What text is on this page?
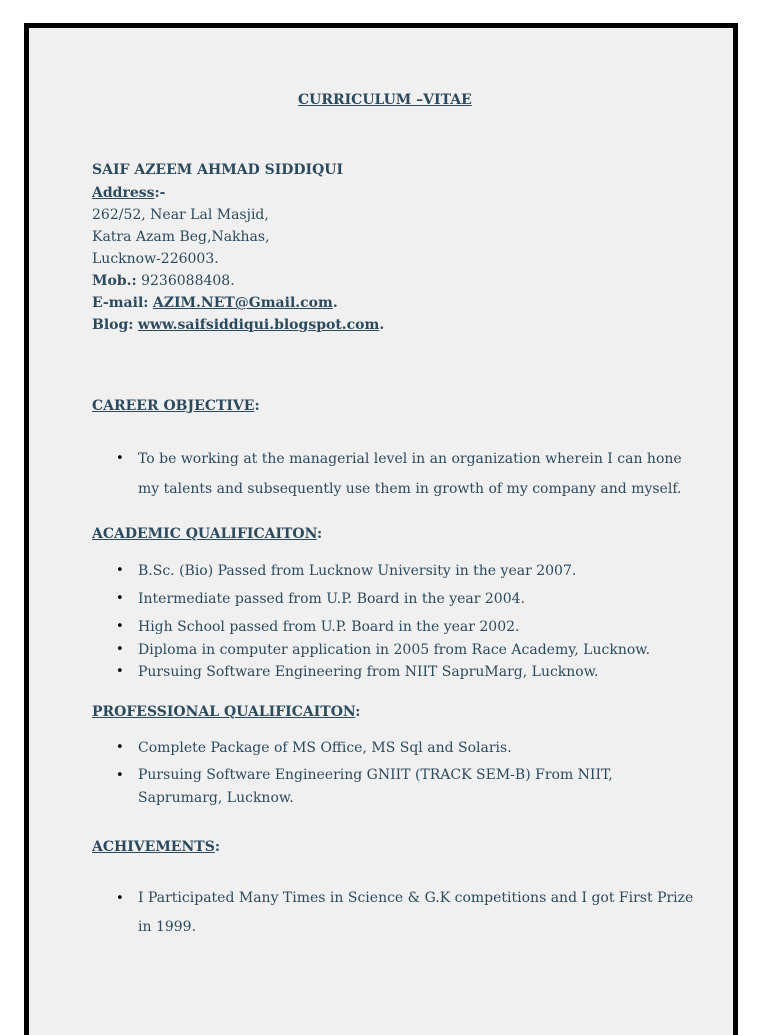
CURRICULUM –VITAE
SAIF AZEEM AHMAD SIDDIQUI
Address:-
262/52, Near Lal Masjid,
Katra Azam Beg,Nakhas,
Lucknow-226003.
Mob.: 9236088408.
E-mail: AZIM.NET@Gmail.com.
Blog: www.saifsiddiqui.blogspot.com.
CAREER OBJECTIVE:
• To be working at the managerial level in an organization wherein I can hone my talents and subsequently use them in growth of my company and myself.
ACADEMIC QUALIFICAITON:
• B.Sc. (Bio) Passed from Lucknow University in the year 2007.
• Intermediate passed from U.P. Board in the year 2004.
• High School passed from U.P. Board in the year 2002.
• Diploma in computer application in 2005 from Race Academy, Lucknow.
• Pursuing Software Engineering from NIIT SapruMarg, Lucknow.
PROFESSIONAL QUALIFICAITON:
• Complete Package of MS Office, MS Sql and Solaris.
• Pursuing Software Engineering GNIIT (TRACK SEM-B) From NIIT, Saprumarg, Lucknow.
ACHIVEMENTS:
• I Participated Many Times in Science & G.K competitions and I got First Prize in 1999.
